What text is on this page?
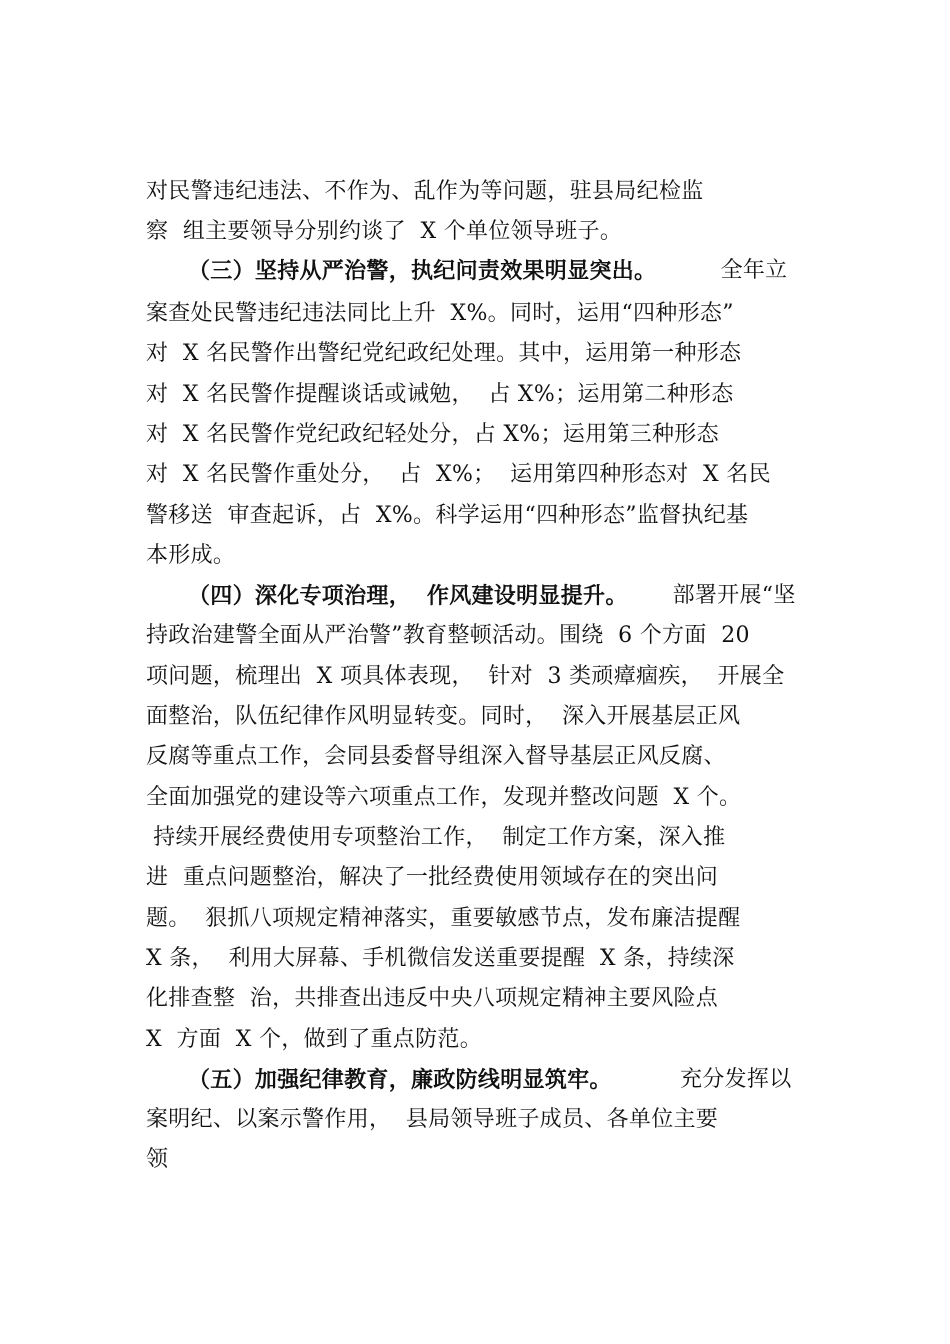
对民警违纪违法、不作为、乱作为等问题，驻县局纪检监
察  组主要领导分别约谈了  X 个单位领导班子。
（三）坚持从严治警，执纪问责效果明显突出。 全年立
案查处民警违纪违法同比上升  X%。同时，运用“四种形态”
对  X 名民警作出警纪党纪政纪处理。其中，运用第一种形态
对  X 名民警作提醒谈话或诫勉，  占 X%；运用第二种形态
对  X 名民警作党纪政纪轻处分，占 X%；运用第三种形态
对  X 名民警作重处分，  占  X%；  运用第四种形态对  X 名民
警移送  审查起诉，占  X%。科学运用“四种形态”监督执纪基
本形成。
（四）深化专项治理，  作风建设明显提升。 部署开展“坚
持政治建警全面从严治警”教育整顿活动。围绕  6 个方面  20
项问题，梳理出  X 项具体表现，  针对  3 类顽瘴痼疾，  开展全
面整治，队伍纪律作风明显转变。同时，  深入开展基层正风
反腐等重点工作，会同县委督导组深入督导基层正风反腐、
全面加强党的建设等六项重点工作，发现并整改问题  X 个。
持续开展经费使用专项整治工作，  制定工作方案，深入推
进  重点问题整治，解决了一批经费使用领域存在的突出问
题。  狠抓八项规定精神落实，重要敏感节点，发布廉洁提醒
X 条，  利用大屏幕、手机微信发送重要提醒  X 条，持续深
化排查整  治，共排查出违反中央八项规定精神主要风险点
X  方面  X 个，做到了重点防范。
（五）加强纪律教育，廉政防线明显筑牢。	充分发挥以
案明纪、以案示警作用，  县局领导班子成员、各单位主要
领
